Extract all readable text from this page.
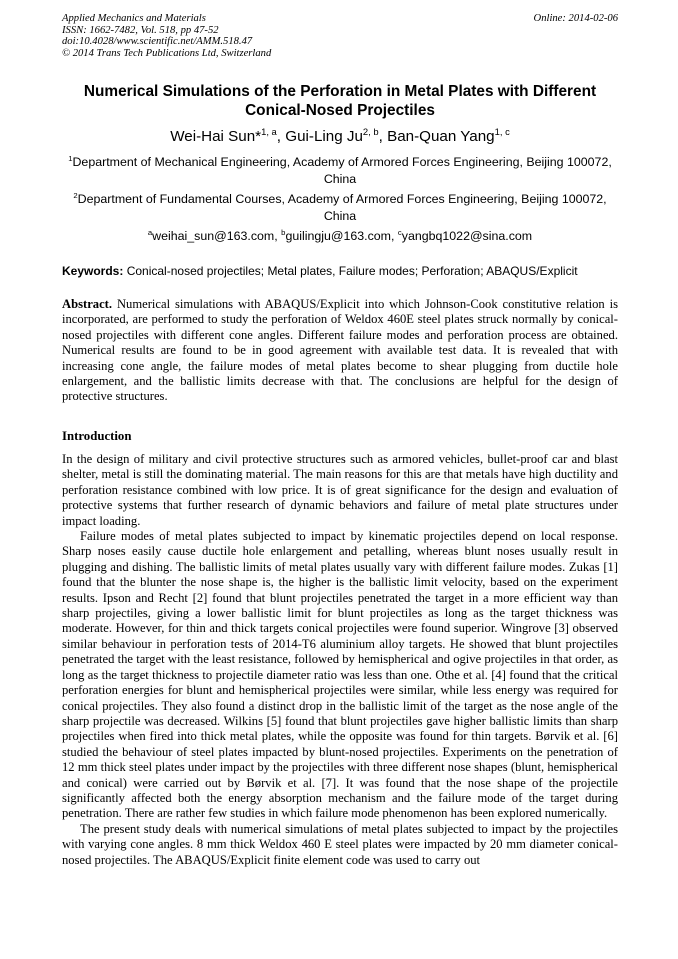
Applied Mechanics and Materials
ISSN: 1662-7482, Vol. 518, pp 47-52
doi:10.4028/www.scientific.net/AMM.518.47
© 2014 Trans Tech Publications Ltd, Switzerland
Online: 2014-02-06
Numerical Simulations of the Perforation in Metal Plates with Different Conical-Nosed Projectiles
Wei-Hai Sun*$^{1, a}$, Gui-Ling Ju$^{2, b}$, Ban-Quan Yang$^{1, c}$
$^1$Department of Mechanical Engineering, Academy of Armored Forces Engineering, Beijing 100072, China
$^2$Department of Fundamental Courses, Academy of Armored Forces Engineering, Beijing 100072, China
$^a$weihai_sun@163.com, $^b$guilingju@163.com, $^c$yangbq1022@sina.com
Keywords: Conical-nosed projectiles; Metal plates, Failure modes; Perforation; ABAQUS/Explicit
Abstract. Numerical simulations with ABAQUS/Explicit into which Johnson-Cook constitutive relation is incorporated, are performed to study the perforation of Weldox 460E steel plates struck normally by conical-nosed projectiles with different cone angles. Different failure modes and perforation process are obtained. Numerical results are found to be in good agreement with available test data. It is revealed that with increasing cone angle, the failure modes of metal plates become to shear plugging from ductile hole enlargement, and the ballistic limits decrease with that. The conclusions are helpful for the design of protective structures.
Introduction

In the design of military and civil protective structures such as armored vehicles, bullet-proof car and blast shelter, metal is still the dominating material. The main reasons for this are that metals have high ductility and perforation resistance combined with low price. It is of great significance for the design and evaluation of protective systems that further research of dynamic behaviors and failure of metal plate structures under impact loading.

Failure modes of metal plates subjected to impact by kinematic projectiles depend on local response. Sharp noses easily cause ductile hole enlargement and petalling, whereas blunt noses usually result in plugging and dishing. The ballistic limits of metal plates usually vary with different failure modes. Zukas [1] found that the blunter the nose shape is, the higher is the ballistic limit velocity, based on the experiment results. Ipson and Recht [2] found that blunt projectiles penetrated the target in a more efficient way than sharp projectiles, giving a lower ballistic limit for blunt projectiles as long as the target thickness was moderate. However, for thin and thick targets conical projectiles were found superior. Wingrove [3] observed similar behaviour in perforation tests of 2014-T6 aluminium alloy targets. He showed that blunt projectiles penetrated the target with the least resistance, followed by hemispherical and ogive projectiles in that order, as long as the target thickness to projectile diameter ratio was less than one. Othe et al. [4] found that the critical perforation energies for blunt and hemispherical projectiles were similar, while less energy was required for conical projectiles. They also found a distinct drop in the ballistic limit of the target as the nose angle of the sharp projectile was decreased. Wilkins [5] found that blunt projectiles gave higher ballistic limits than sharp projectiles when fired into thick metal plates, while the opposite was found for thin targets. Børvik et al. [6] studied the behaviour of steel plates impacted by blunt-nosed projectiles. Experiments on the penetration of 12 mm thick steel plates under impact by the projectiles with three different nose shapes (blunt, hemispherical and conical) were carried out by Børvik et al. [7]. It was found that the nose shape of the projectile significantly affected both the energy absorption mechanism and the failure mode of the target during penetration. There are rather few studies in which failure mode phenomenon has been explored numerically.

The present study deals with numerical simulations of metal plates subjected to impact by the projectiles with varying cone angles. 8 mm thick Weldox 460 E steel plates were impacted by 20 mm diameter conical-nosed projectiles. The ABAQUS/Explicit finite element code was used to carry out
